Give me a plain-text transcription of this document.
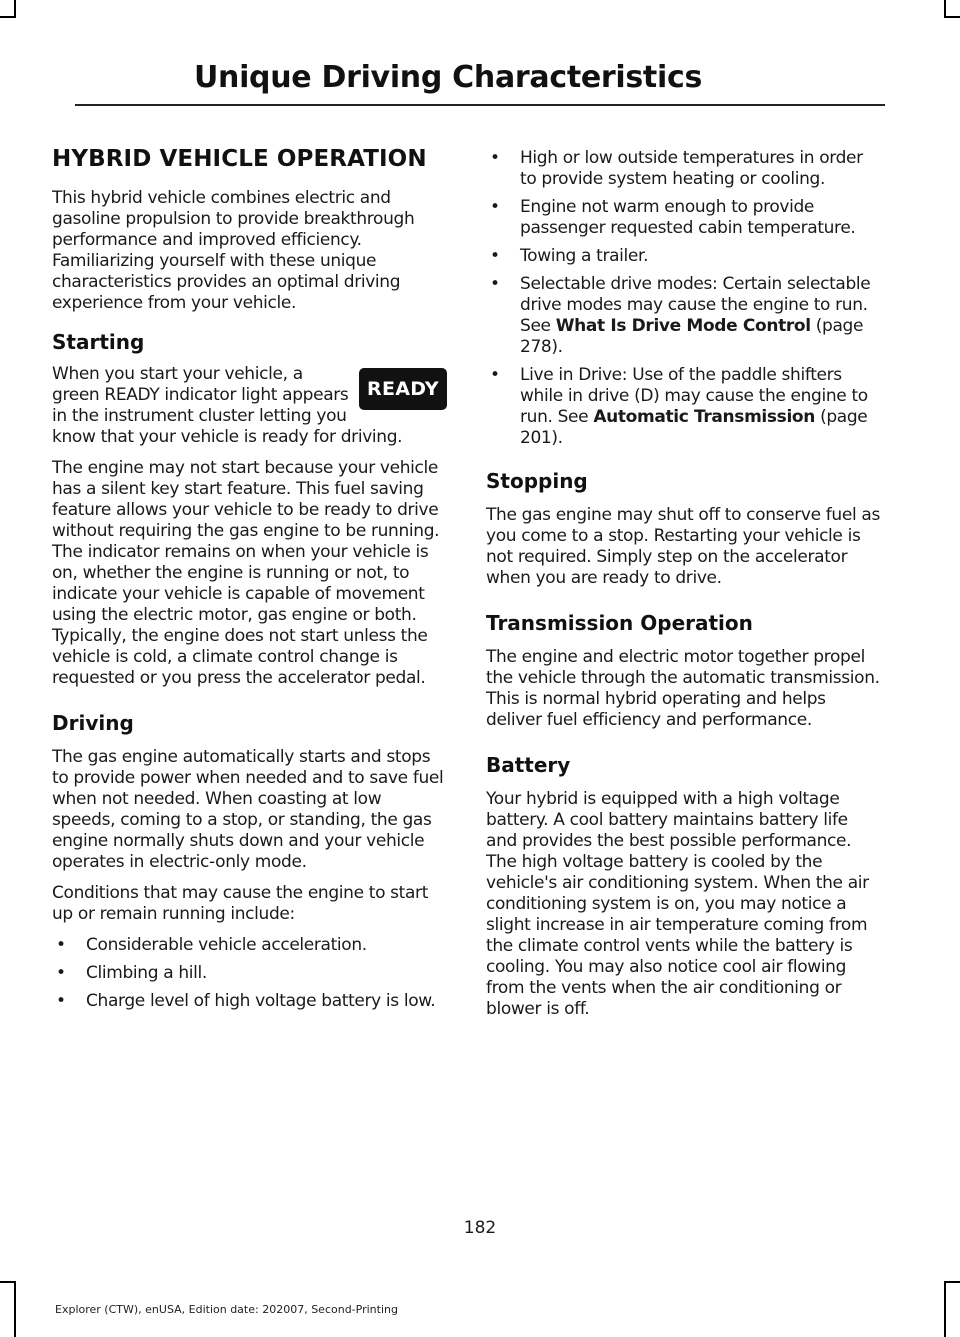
Unique Driving Characteristics
HYBRID VEHICLE OPERATION

This hybrid vehicle combines electric and gasoline propulsion to provide breakthrough performance and improved efficiency. Familiarizing yourself with these unique characteristics provides an optimal driving experience from your vehicle.

Starting

READY
When you start your vehicle, a green READY indicator light appears in the instrument cluster letting you know that your vehicle is ready for driving.

The engine may not start because your vehicle has a silent key start feature. This fuel saving feature allows your vehicle to be ready to drive without requiring the gas engine to be running. The indicator remains on when your vehicle is on, whether the engine is running or not, to indicate your vehicle is capable of movement using the electric motor, gas engine or both. Typically, the engine does not start unless the vehicle is cold, a climate control change is requested or you press the accelerator pedal.

Driving

The gas engine automatically starts and stops to provide power when needed and to save fuel when not needed. When coasting at low speeds, coming to a stop, or standing, the gas engine normally shuts down and your vehicle operates in electric-only mode.

Conditions that may cause the engine to start up or remain running include:

• Considerable vehicle acceleration.
• Climbing a hill.
• Charge level of high voltage battery is low.
• High or low outside temperatures in order to provide system heating or cooling.
• Engine not warm enough to provide passenger requested cabin temperature.
• Towing a trailer.
• Selectable drive modes: Certain selectable drive modes may cause the engine to run. See What Is Drive Mode Control (page 278).
• Live in Drive: Use of the paddle shifters while in drive (D) may cause the engine to run. See Automatic Transmission (page 201).
Stopping

The gas engine may shut off to conserve fuel as you come to a stop. Restarting your vehicle is not required. Simply step on the accelerator when you are ready to drive.

Transmission Operation

The engine and electric motor together propel the vehicle through the automatic transmission. This is normal hybrid operating and helps deliver fuel efficiency and performance.

Battery

Your hybrid is equipped with a high voltage battery. A cool battery maintains battery life and provides the best possible performance. The high voltage battery is cooled by the vehicle's air conditioning system. When the air conditioning system is on, you may notice a slight increase in air temperature coming from the climate control vents while the battery is cooling. You may also notice cool air flowing from the vents when the air conditioning or blower is off.

182
Explorer (CTW), enUSA, Edition date: 202007, Second-Printing
